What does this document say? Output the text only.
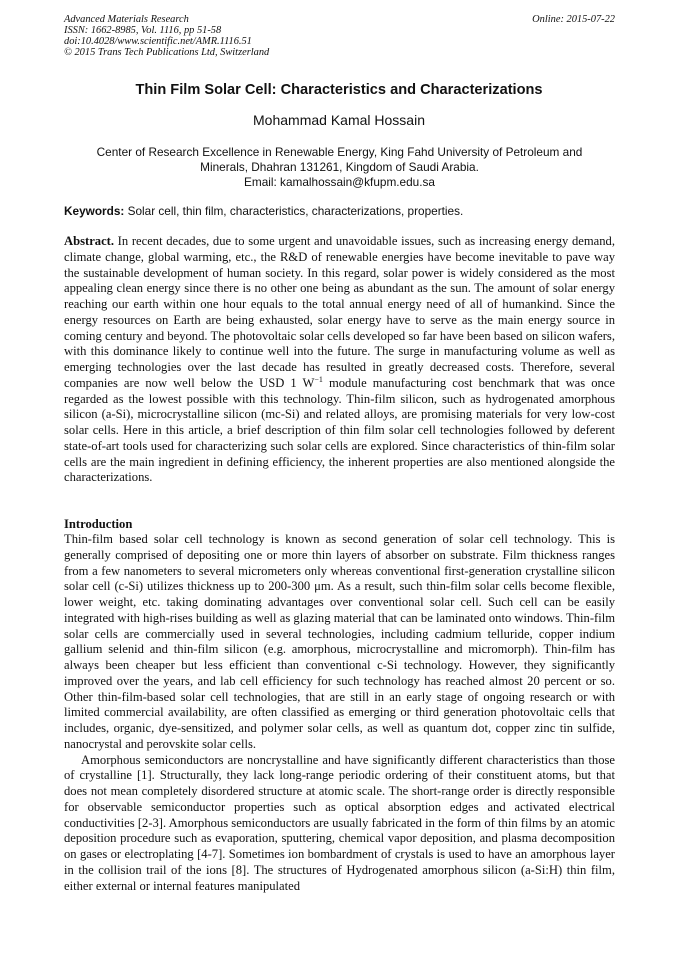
Advanced Materials Research
ISSN: 1662-8985, Vol. 1116, pp 51-58
doi:10.4028/www.scientific.net/AMR.1116.51
© 2015 Trans Tech Publications Ltd, Switzerland
Online: 2015-07-22
Thin Film Solar Cell: Characteristics and Characterizations
Mohammad Kamal Hossain
Center of Research Excellence in Renewable Energy, King Fahd University of Petroleum and
Minerals, Dhahran 131261, Kingdom of Saudi Arabia.
Email: kamalhossain@kfupm.edu.sa
Keywords: Solar cell, thin film, characteristics, characterizations, properties.

Abstract. In recent decades, due to some urgent and unavoidable issues, such as increasing energy demand, climate change, global warming, etc., the R&D of renewable energies have become inevitable to pave way the sustainable development of human society. In this regard, solar power is widely considered as the most appealing clean energy since there is no other one being as abundant as the sun. The amount of solar energy reaching our earth within one hour equals to the total annual energy need of all of humankind. Since the energy resources on Earth are being exhausted, solar energy have to serve as the main energy source in coming century and beyond. The photovoltaic solar cells developed so far have been based on silicon wafers, with this dominance likely to continue well into the future. The surge in manufacturing volume as well as emerging technologies over the last decade has resulted in greatly decreased costs. Therefore, several companies are now well below the USD 1 $W^{-1}$ module manufacturing cost benchmark that was once regarded as the lowest possible with this technology. Thin-film silicon, such as hydrogenated amorphous silicon (a-Si), microcrystalline silicon (mc-Si) and related alloys, are promising materials for very low-cost solar cells. Here in this article, a brief description of thin film solar cell technologies followed by deferent state-of-art tools used for characterizing such solar cells are explored. Since characteristics of thin-film solar cells are the main ingredient in defining efficiency, the inherent properties are also mentioned alongside the characterizations.

Introduction

Thin-film based solar cell technology is known as second generation of solar cell technology. This is generally comprised of depositing one or more thin layers of absorber on substrate. Film thickness ranges from a few nanometers to several micrometers only whereas conventional first-generation crystalline silicon solar cell (c-Si) utilizes thickness up to 200-300 μm. As a result, such thin-film solar cells become flexible, lower weight, etc. taking dominating advantages over conventional solar cell. Such cell can be easily integrated with high-rises building as well as glazing material that can be laminated onto windows. Thin-film solar cells are commercially used in several technologies, including cadmium telluride, copper indium gallium selenid and thin-film silicon (e.g. amorphous, microcrystalline and micromorph). Thin-film has always been cheaper but less efficient than conventional c-Si technology. However, they significantly improved over the years, and lab cell efficiency for such technology has reached almost 20 percent or so. Other thin-film-based solar cell technologies, that are still in an early stage of ongoing research or with limited commercial availability, are often classified as emerging or third generation photovoltaic cells that includes, organic, dye-sensitized, and polymer solar cells, as well as quantum dot, copper zinc tin sulfide, nanocrystal and perovskite solar cells.

Amorphous semiconductors are noncrystalline and have significantly different characteristics than those of crystalline [1]. Structurally, they lack long-range periodic ordering of their constituent atoms, but that does not mean completely disordered structure at atomic scale. The short-range order is directly responsible for observable semiconductor properties such as optical absorption edges and activated electrical conductivities [2-3]. Amorphous semiconductors are usually fabricated in the form of thin films by an atomic deposition procedure such as evaporation, sputtering, chemical vapor deposition, and plasma decomposition on gases or electroplating [4-7]. Sometimes ion bombardment of crystals is used to have an amorphous layer in the collision trail of the ions [8]. The structures of Hydrogenated amorphous silicon (a-Si:H) thin film, either external or internal features manipulated
